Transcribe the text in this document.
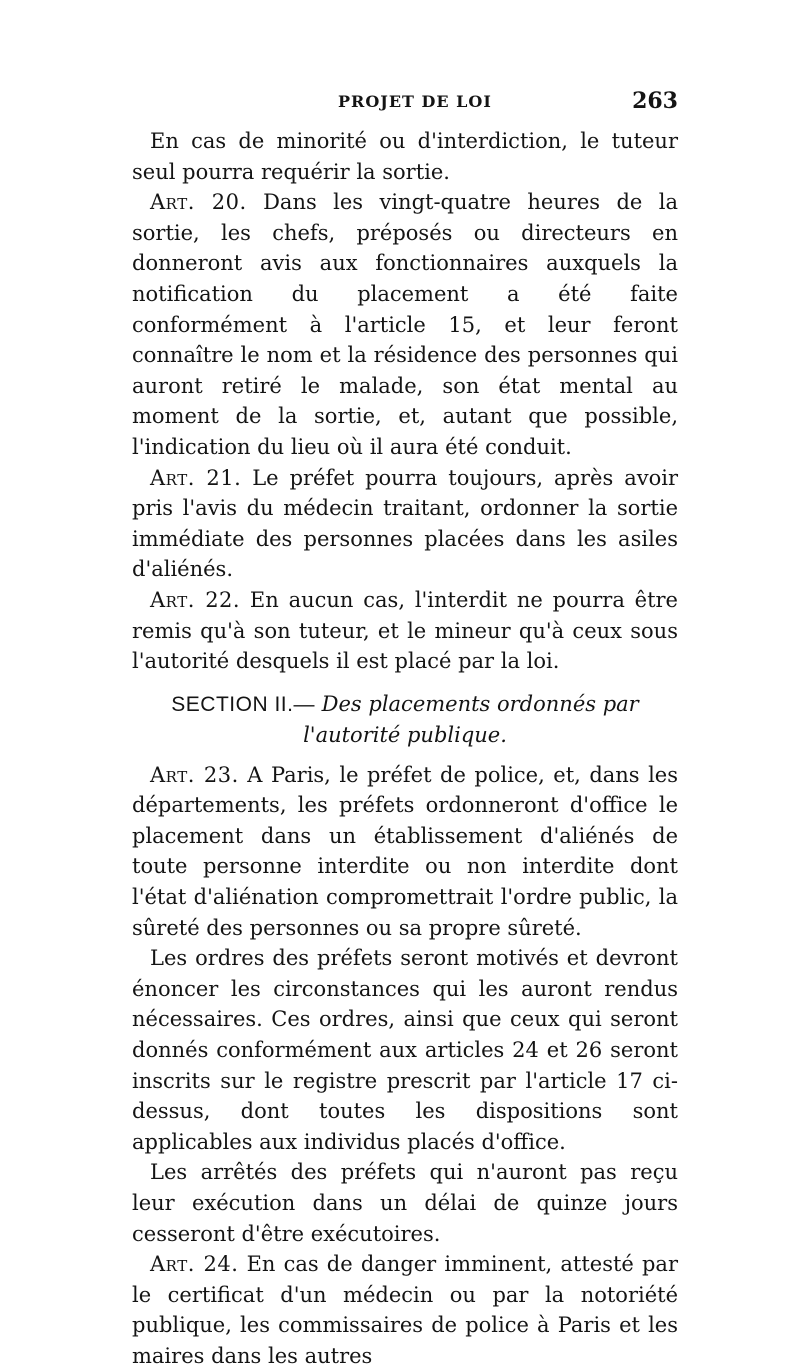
PROJET DE LOI	263

En cas de minorité ou d'interdiction, le tuteur seul pourra requérir la sortie.

Art. 20. Dans les vingt-quatre heures de la sortie, les chefs, préposés ou directeurs en donneront avis aux fonctionnaires auxquels la notification du placement a été faite conformément à l'article 15, et leur feront connaître le nom et la résidence des personnes qui auront retiré le malade, son état mental au moment de la sortie, et, autant que possible, l'indication du lieu où il aura été conduit.

Art. 21. Le préfet pourra toujours, après avoir pris l'avis du médecin traitant, ordonner la sortie immédiate des personnes placées dans les asiles d'aliénés.

Art. 22. En aucun cas, l'interdit ne pourra être remis qu'à son tuteur, et le mineur qu'à ceux sous l'autorité desquels il est placé par la loi.

SECTION II.— Des placements ordonnés par l'autorité publique.

Art. 23. A Paris, le préfet de police, et, dans les départements, les préfets ordonneront d'office le placement dans un établissement d'aliénés de toute personne interdite ou non interdite dont l'état d'aliénation compromettrait l'ordre public, la sûreté des personnes ou sa propre sûreté.

Les ordres des préfets seront motivés et devront énoncer les circonstances qui les auront rendus nécessaires. Ces ordres, ainsi que ceux qui seront donnés conformément aux articles 24 et 26 seront inscrits sur le registre prescrit par l'article 17 ci-dessus, dont toutes les dispositions sont applicables aux individus placés d'office.

Les arrêtés des préfets qui n'auront pas reçu leur exécution dans un délai de quinze jours cesseront d'être exécutoires.

Art. 24. En cas de danger imminent, attesté par le certificat d'un médecin ou par la notoriété publique, les commissaires de police à Paris et les maires dans les autres
